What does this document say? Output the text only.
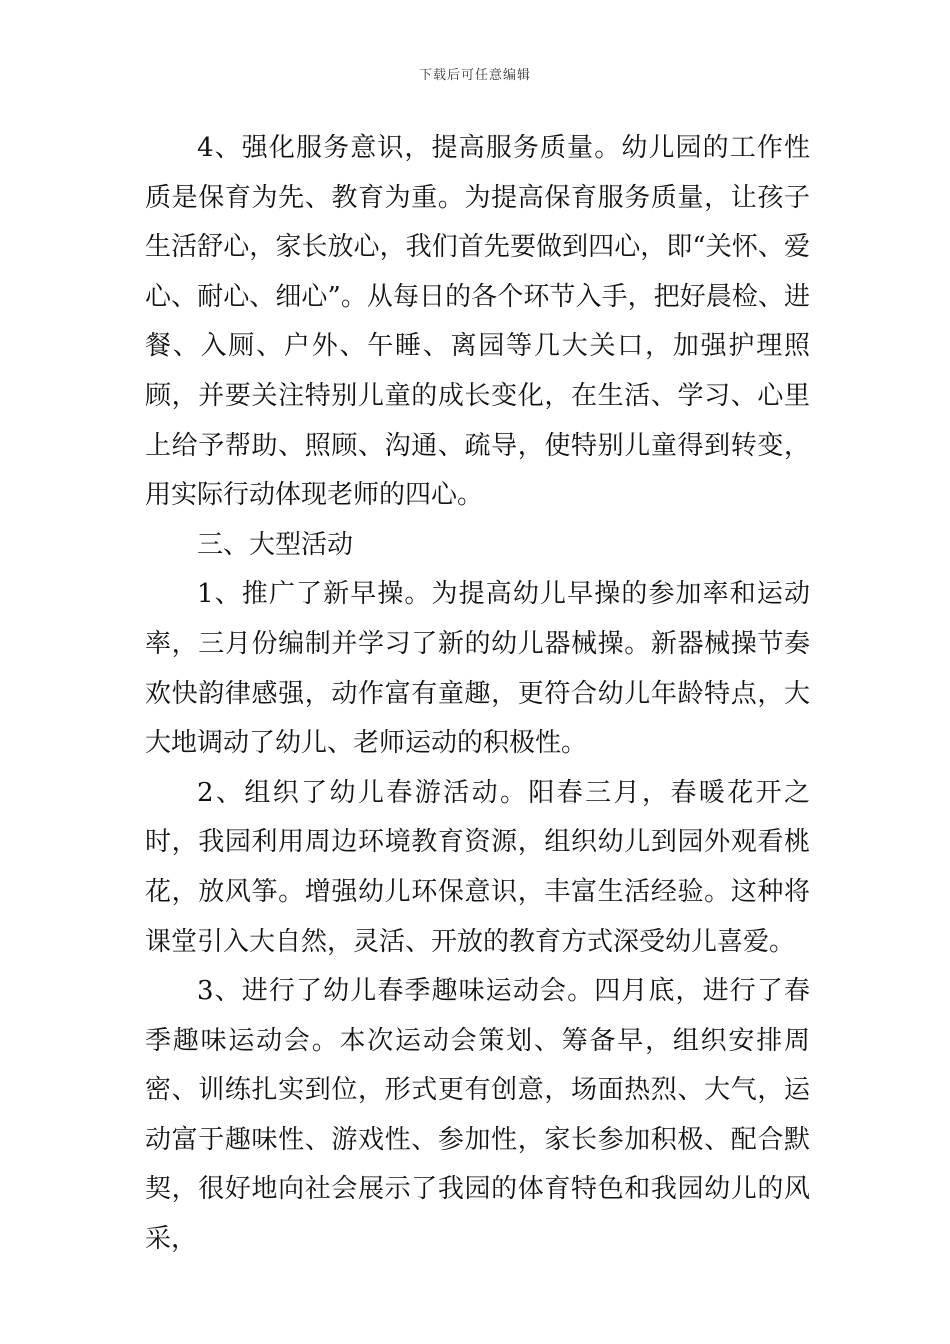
下载后可任意编辑

4、强化服务意识，提高服务质量。幼儿园的工作性质是保育为先、教育为重。为提高保育服务质量，让孩子生活舒心，家长放心，我们首先要做到四心，即“关怀、爱心、耐心、细心”。从每日的各个环节入手，把好晨检、进餐、入厕、户外、午睡、离园等几大关口，加强护理照顾，并要关注特别儿童的成长变化，在生活、学习、心里上给予帮助、照顾、沟通、疏导，使特别儿童得到转变，用实际行动体现老师的四心。

三、大型活动

1、推广了新早操。为提高幼儿早操的参加率和运动率，三月份编制并学习了新的幼儿器械操。新器械操节奏欢快韵律感强，动作富有童趣，更符合幼儿年龄特点，大大地调动了幼儿、老师运动的积极性。

2、组织了幼儿春游活动。阳春三月，春暖花开之时，我园利用周边环境教育资源，组织幼儿到园外观看桃花，放风筝。增强幼儿环保意识，丰富生活经验。这种将课堂引入大自然，灵活、开放的教育方式深受幼儿喜爱。

3、进行了幼儿春季趣味运动会。四月底，进行了春季趣味运动会。本次运动会策划、筹备早，组织安排周密、训练扎实到位，形式更有创意，场面热烈、大气，运动富于趣味性、游戏性、参加性，家长参加积极、配合默契，很好地向社会展示了我园的体育特色和我园幼儿的风采，
